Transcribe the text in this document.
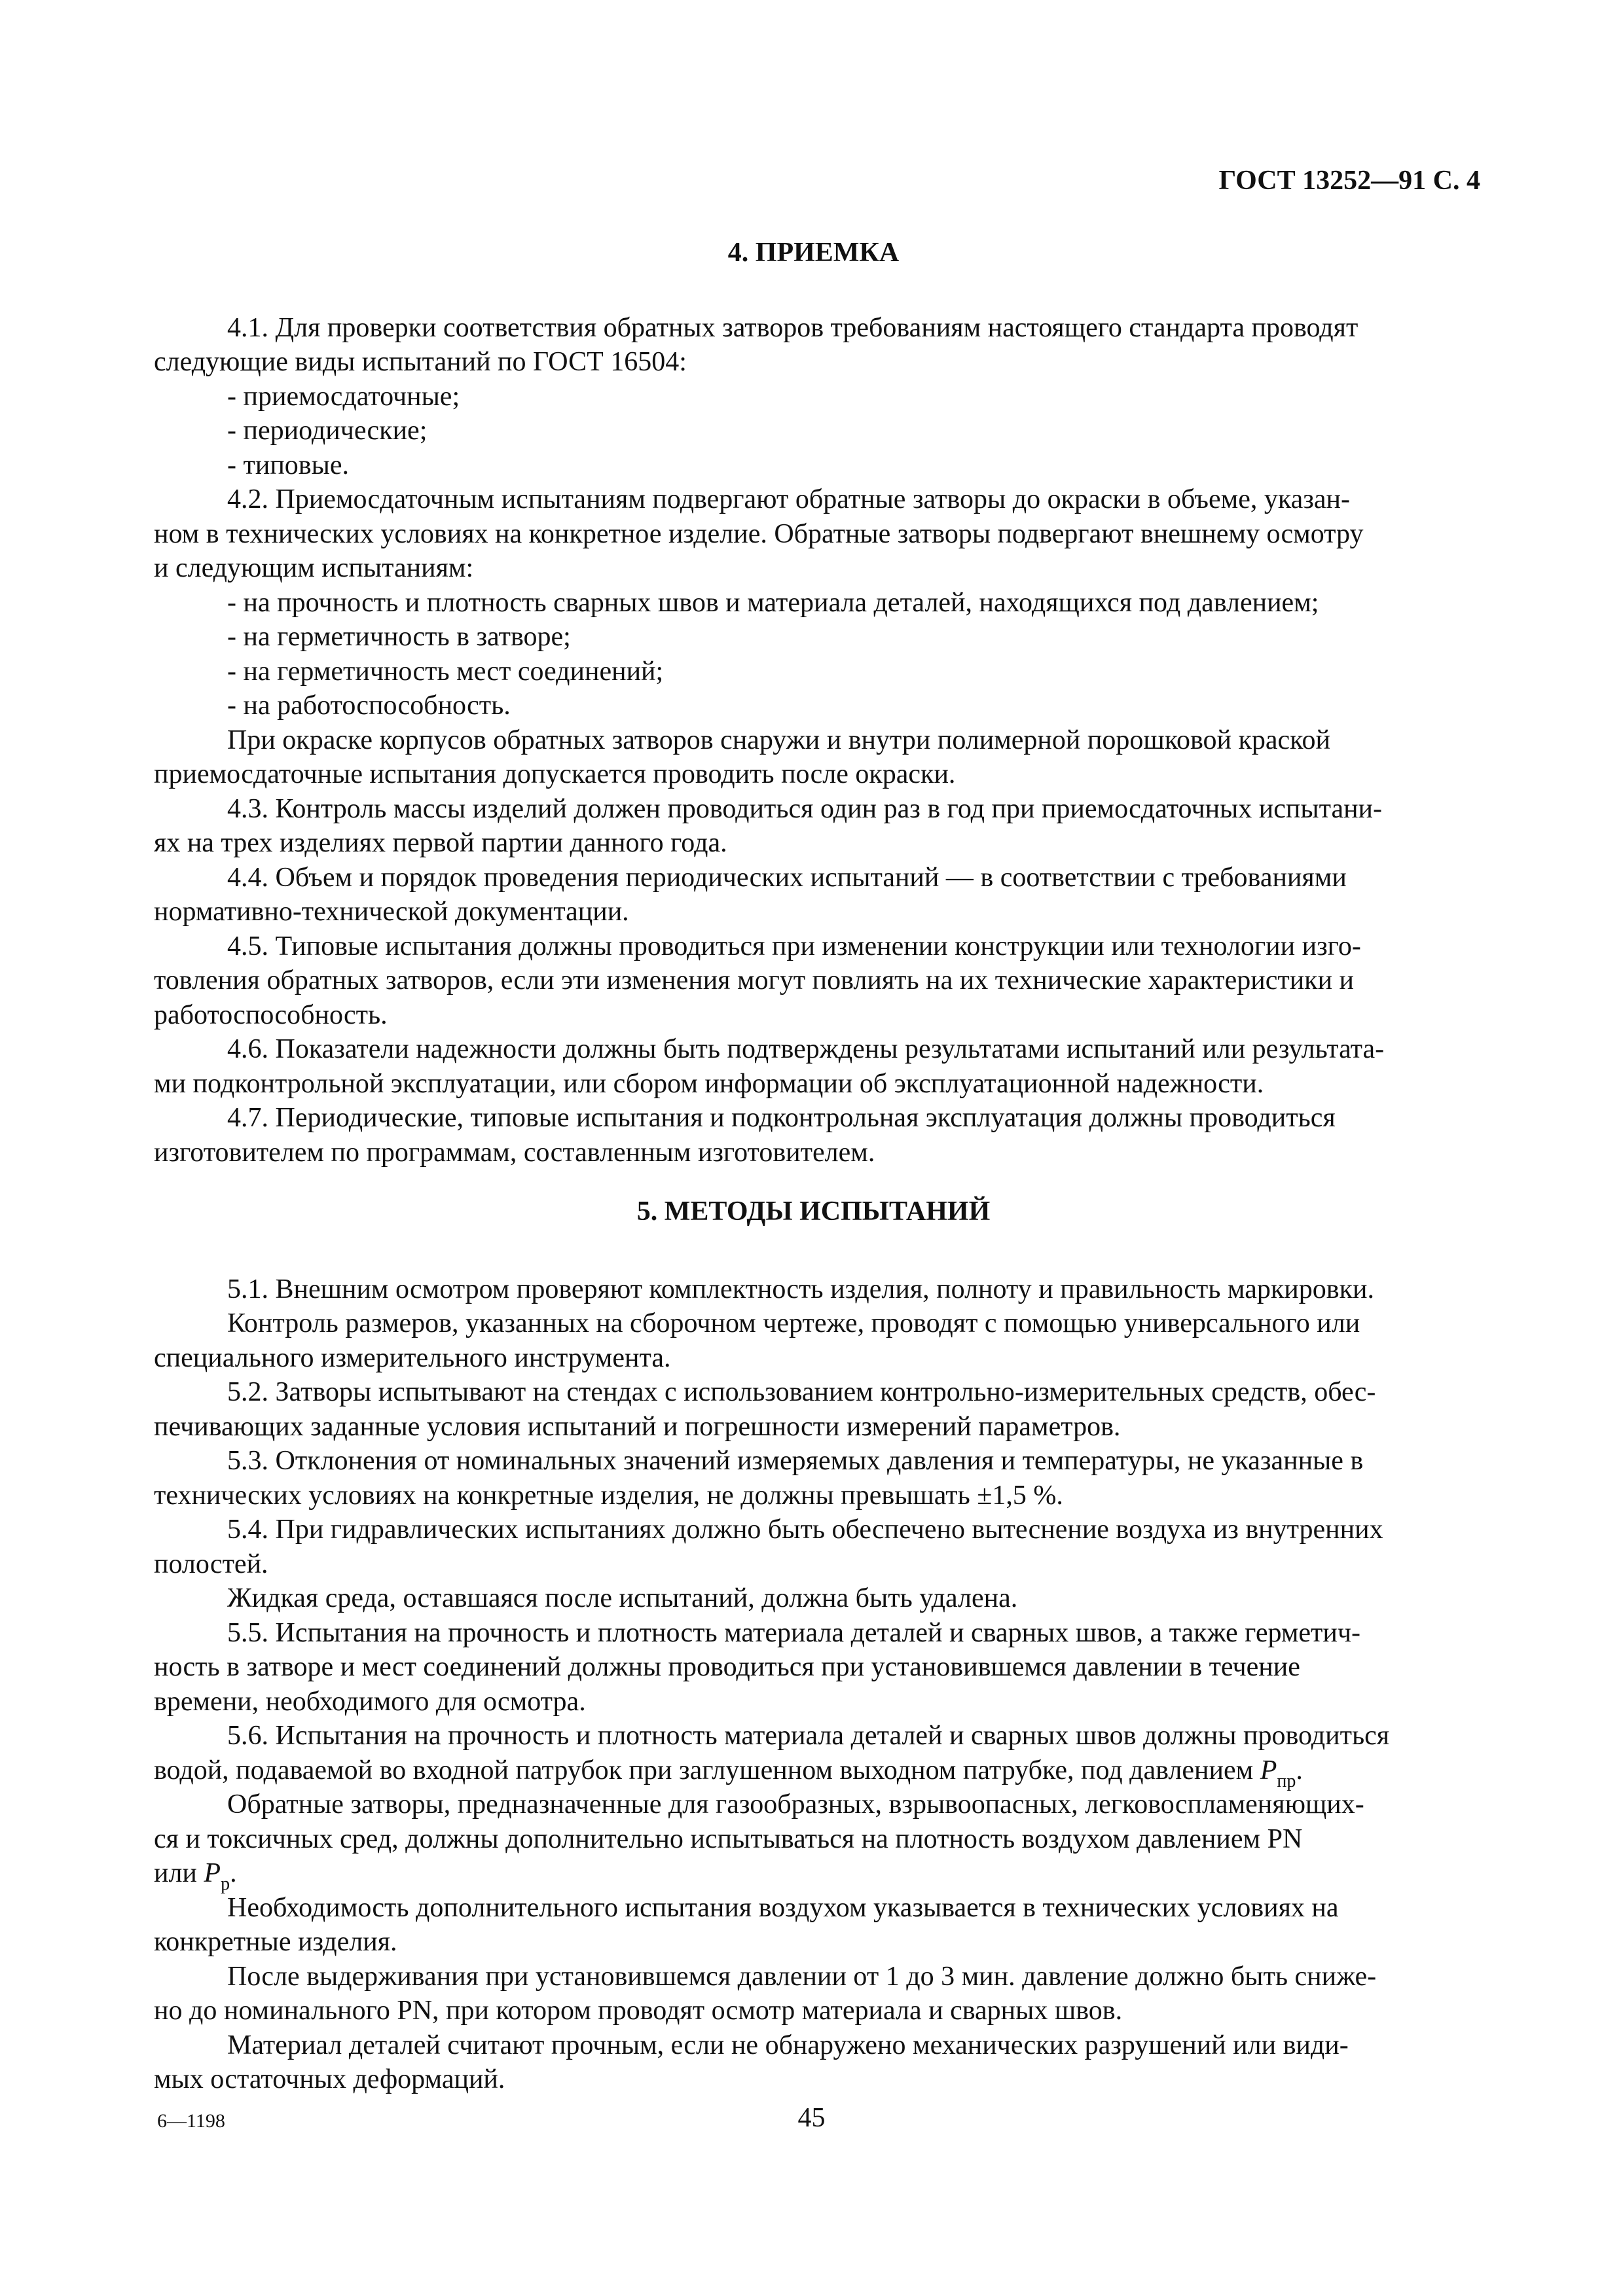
ГОСТ 13252—91 С. 4
4. ПРИЕМКА

4.1. Для проверки соответствия обратных затворов требованиям настоящего стандарта проводят
следующие виды испытаний по ГОСТ 16504:

- приемосдаточные;

- периодические;

- типовые.

4.2. Приемосдаточным испытаниям подвергают обратные затворы до окраски в объеме, указан-
ном в технических условиях на конкретное изделие. Обратные затворы подвергают внешнему осмотру
и следующим испытаниям:

- на прочность и плотность сварных швов и материала деталей, находящихся под давлением;

- на герметичность в затворе;

- на герметичность мест соединений;

- на работоспособность.

При окраске корпусов обратных затворов снаружи и внутри полимерной порошковой краской
приемосдаточные испытания допускается проводить после окраски.

4.3. Контроль массы изделий должен проводиться один раз в год при приемосдаточных испытани-
ях на трех изделиях первой партии данного года.

4.4. Объем и порядок проведения периодических испытаний — в соответствии с требованиями
нормативно-технической документации.

4.5. Типовые испытания должны проводиться при изменении конструкции или технологии изго-
товления обратных затворов, если эти изменения могут повлиять на их технические характеристики и
работоспособность.

4.6. Показатели надежности должны быть подтверждены результатами испытаний или результата-
ми подконтрольной эксплуатации, или сбором информации об эксплуатационной надежности.

4.7. Периодические, типовые испытания и подконтрольная эксплуатация должны проводиться
изготовителем по программам, составленным изготовителем.

5. МЕТОДЫ ИСПЫТАНИЙ

5.1. Внешним осмотром проверяют комплектность изделия, полноту и правильность маркировки.

Контроль размеров, указанных на сборочном чертеже, проводят с помощью универсального или
специального измерительного инструмента.

5.2. Затворы испытывают на стендах с использованием контрольно-измерительных средств, обес-
печивающих заданные условия испытаний и погрешности измерений параметров.

5.3. Отклонения от номинальных значений измеряемых давления и температуры, не указанные в
технических условиях на конкретные изделия, не должны превышать ±1,5 %.

5.4. При гидравлических испытаниях должно быть обеспечено вытеснение воздуха из внутренних
полостей.

Жидкая среда, оставшаяся после испытаний, должна быть удалена.

5.5. Испытания на прочность и плотность материала деталей и сварных швов, а также герметич-
ность в затворе и мест соединений должны проводиться при установившемся давлении в течение
времени, необходимого для осмотра.

5.6. Испытания на прочность и плотность материала деталей и сварных швов должны проводиться
водой, подаваемой во входной патрубок при заглушенном выходном патрубке, под давлением $P_{пр}$.

Обратные затворы, предназначенные для газообразных, взрывоопасных, легковоспламеняющих-
ся и токсичных сред, должны дополнительно испытываться на плотность воздухом давлением PN
или $P_р$.

Необходимость дополнительного испытания воздухом указывается в технических условиях на
конкретные изделия.

После выдерживания при установившемся давлении от 1 до 3 мин. давление должно быть сниже-
но до номинального PN, при котором проводят осмотр материала и сварных швов.

Материал деталей считают прочным, если не обнаружено механических разрушений или види-
мых остаточных деформаций.

6—1198	45
